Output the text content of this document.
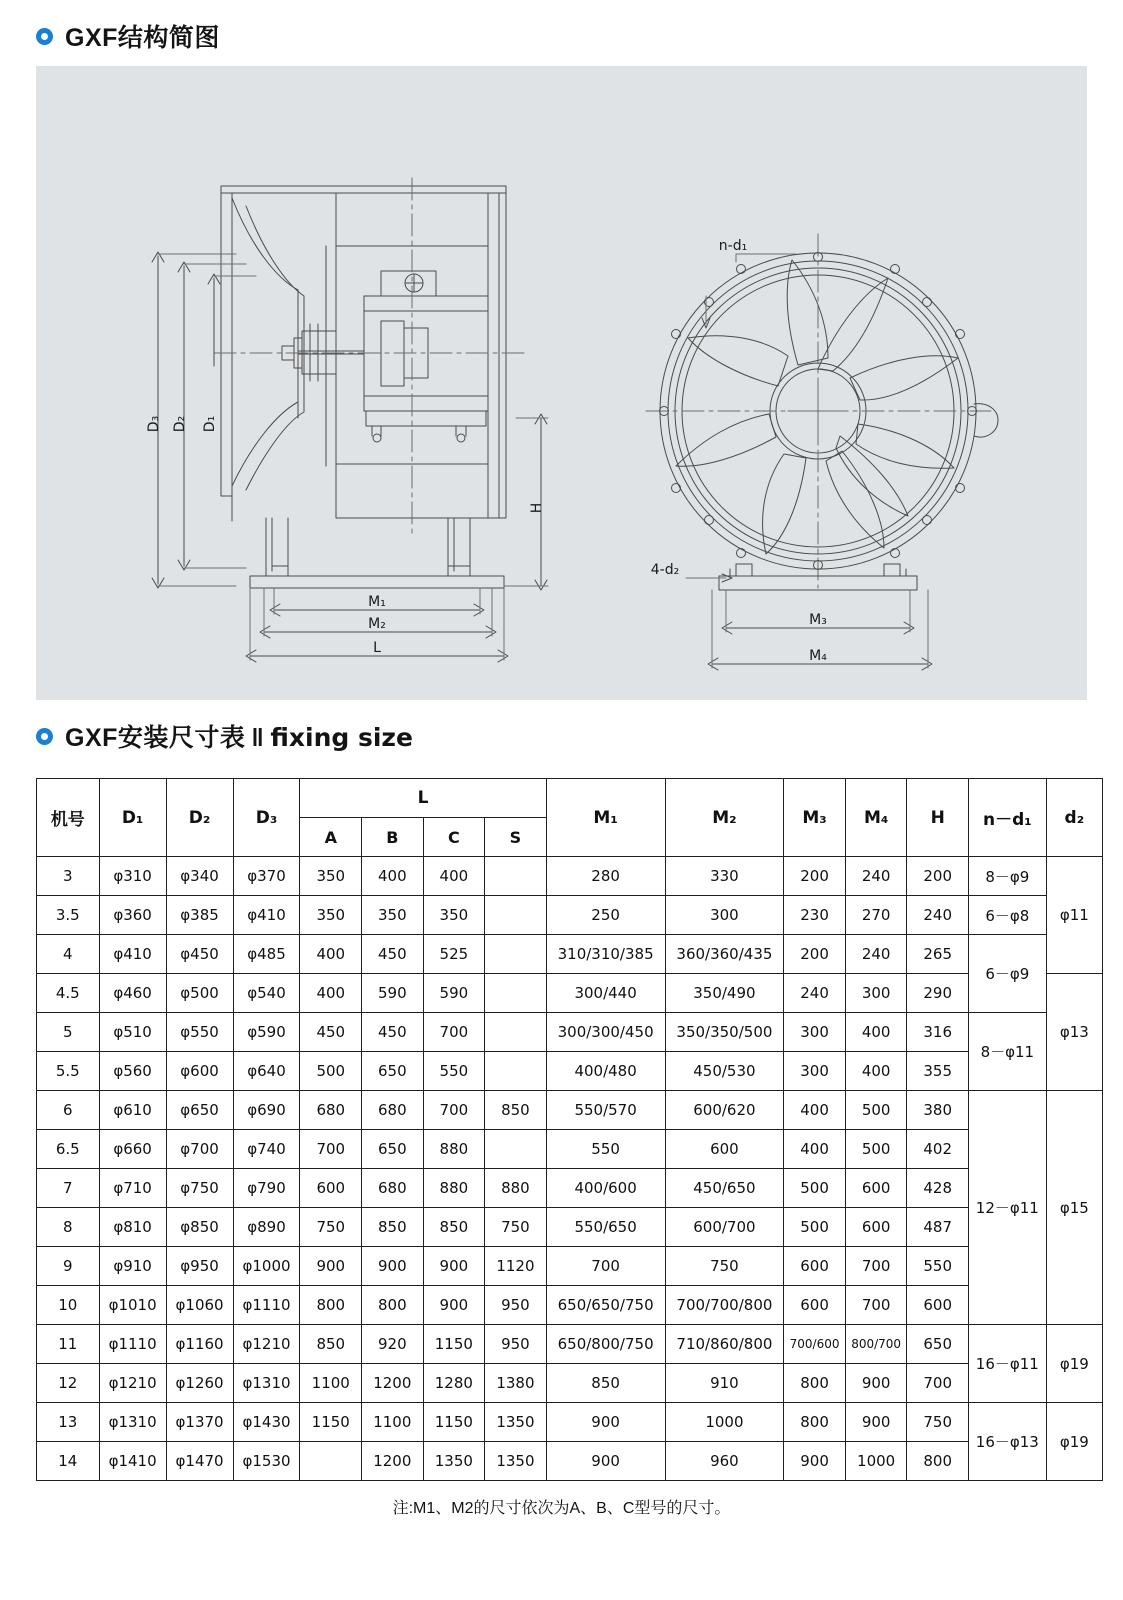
GXF结构简图
D₃ D₂ D₁
H
M₁
M₂
L
M₃
M₄
n-d₁
4-d₂
GXF安装尺寸表 ‖ fixing size
机号	D₁	D₂	D₃	L				M₁	M₂	M₃	M₄	H	n－d₁	d₂
				A	B	C	S							
3	φ310	φ340	φ370	350	400	400		280	330	200	240	200	8－φ9	φ11
3.5	φ360	φ385	φ410	350	350	350		250	300	230	270	240	6－φ8	
4	φ410	φ450	φ485	400	450	525		310/310/385	360/360/435	200	240	265	6－φ9	
4.5	φ460	φ500	φ540	400	590	590		300/440	350/490	240	300	290		φ13
5	φ510	φ550	φ590	450	450	700		300/300/450	350/350/500	300	400	316	8－φ11	
5.5	φ560	φ600	φ640	500	650	550		400/480	450/530	300	400	355		
6	φ610	φ650	φ690	680	680	700	850	550/570	600/620	400	500	380	12－φ11	φ15
6.5	φ660	φ700	φ740	700	650	880		550	600	400	500	402		
7	φ710	φ750	φ790	600	680	880	880	400/600	450/650	500	600	428		
8	φ810	φ850	φ890	750	850	850	750	550/650	600/700	500	600	487		
9	φ910	φ950	φ1000	900	900	900	1120	700	750	600	700	550		
10	φ1010	φ1060	φ1110	800	800	900	950	650/650/750	700/700/800	600	700	600		
11	φ1110	φ1160	φ1210	850	920	1150	950	650/800/750	710/860/800	700/600	800/700	650	16－φ11	φ19
12	φ1210	φ1260	φ1310	1100	1200	1280	1380	850	910	800	900	700		
13	φ1310	φ1370	φ1430	1150	1100	1150	1350	900	1000	800	900	750	16－φ13	φ19
14	φ1410	φ1470	φ1530		1200	1350	1350	900	960	900	1000	800		

注:M1、M2的尺寸依次为A、B、C型号的尺寸。
